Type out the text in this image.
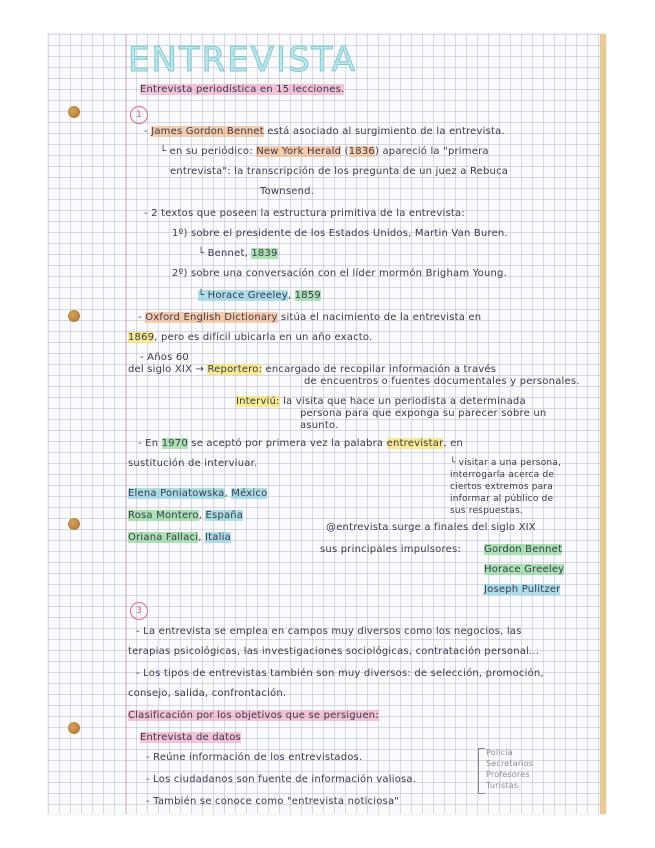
ENTREVISTA
Entrevista periodística en 15 lecciones.
1
- James Gordon Bennet está asociado al surgimiento de la entrevista.
└ en su periódico: New York Herald (1836) apareció la "primera
entrevista": la transcripción de los pregunta de un juez a Rebuca
Townsend.
- 2 textos que poseen la estructura primitiva de la entrevista:
1º) sobre el presidente de los Estados Unidos, Martin Van Buren.
└ Bennet, 1839
2º) sobre una conversación con el líder mormón Brigham Young.
└ Horace Greeley, 1859
- Oxford English Dictionary sitúa el nacimiento de la entrevista en
1869, pero es difícil ubicarla en un año exacto.
- Años 60
del siglo XIX → Reportero: encargado de recopilar información a través
de encuentros o fuentes documentales y personales.
Interviú: la visita que hace un periodista a determinada
persona para que exponga su parecer sobre un
asunto.
- En 1970 se aceptó por primera vez la palabra entrevistar, en
sustitución de interviuar.	└ visitar a una persona,
interrogarla acerca de
ciertos extremos para
informar al público de
sus respuestas.
Elena Poniatowska, México
Rosa Montero, España
Oriana Fallaci, Italia
@entrevista surge a finales del siglo XIX
sus principales impulsores: Gordon Bennet
Horace Greeley
Joseph Pulitzer
3
- La entrevista se emplea en campos muy diversos como los negocios, las
terapias psicológicas, las investigaciones sociológicas, contratación personal...
- Los tipos de entrevistas también son muy diversos: de selección, promoción,
consejo, salida, confrontación.
Clasificación por los objetivos que se persiguen:
Entrevista de datos
- Reúne información de los entrevistados.
- Los ciudadanos son fuente de información valiosa.
- También se conoce como "entrevista noticiosa"
Policía
Secretarios
Profesores
Turistas
